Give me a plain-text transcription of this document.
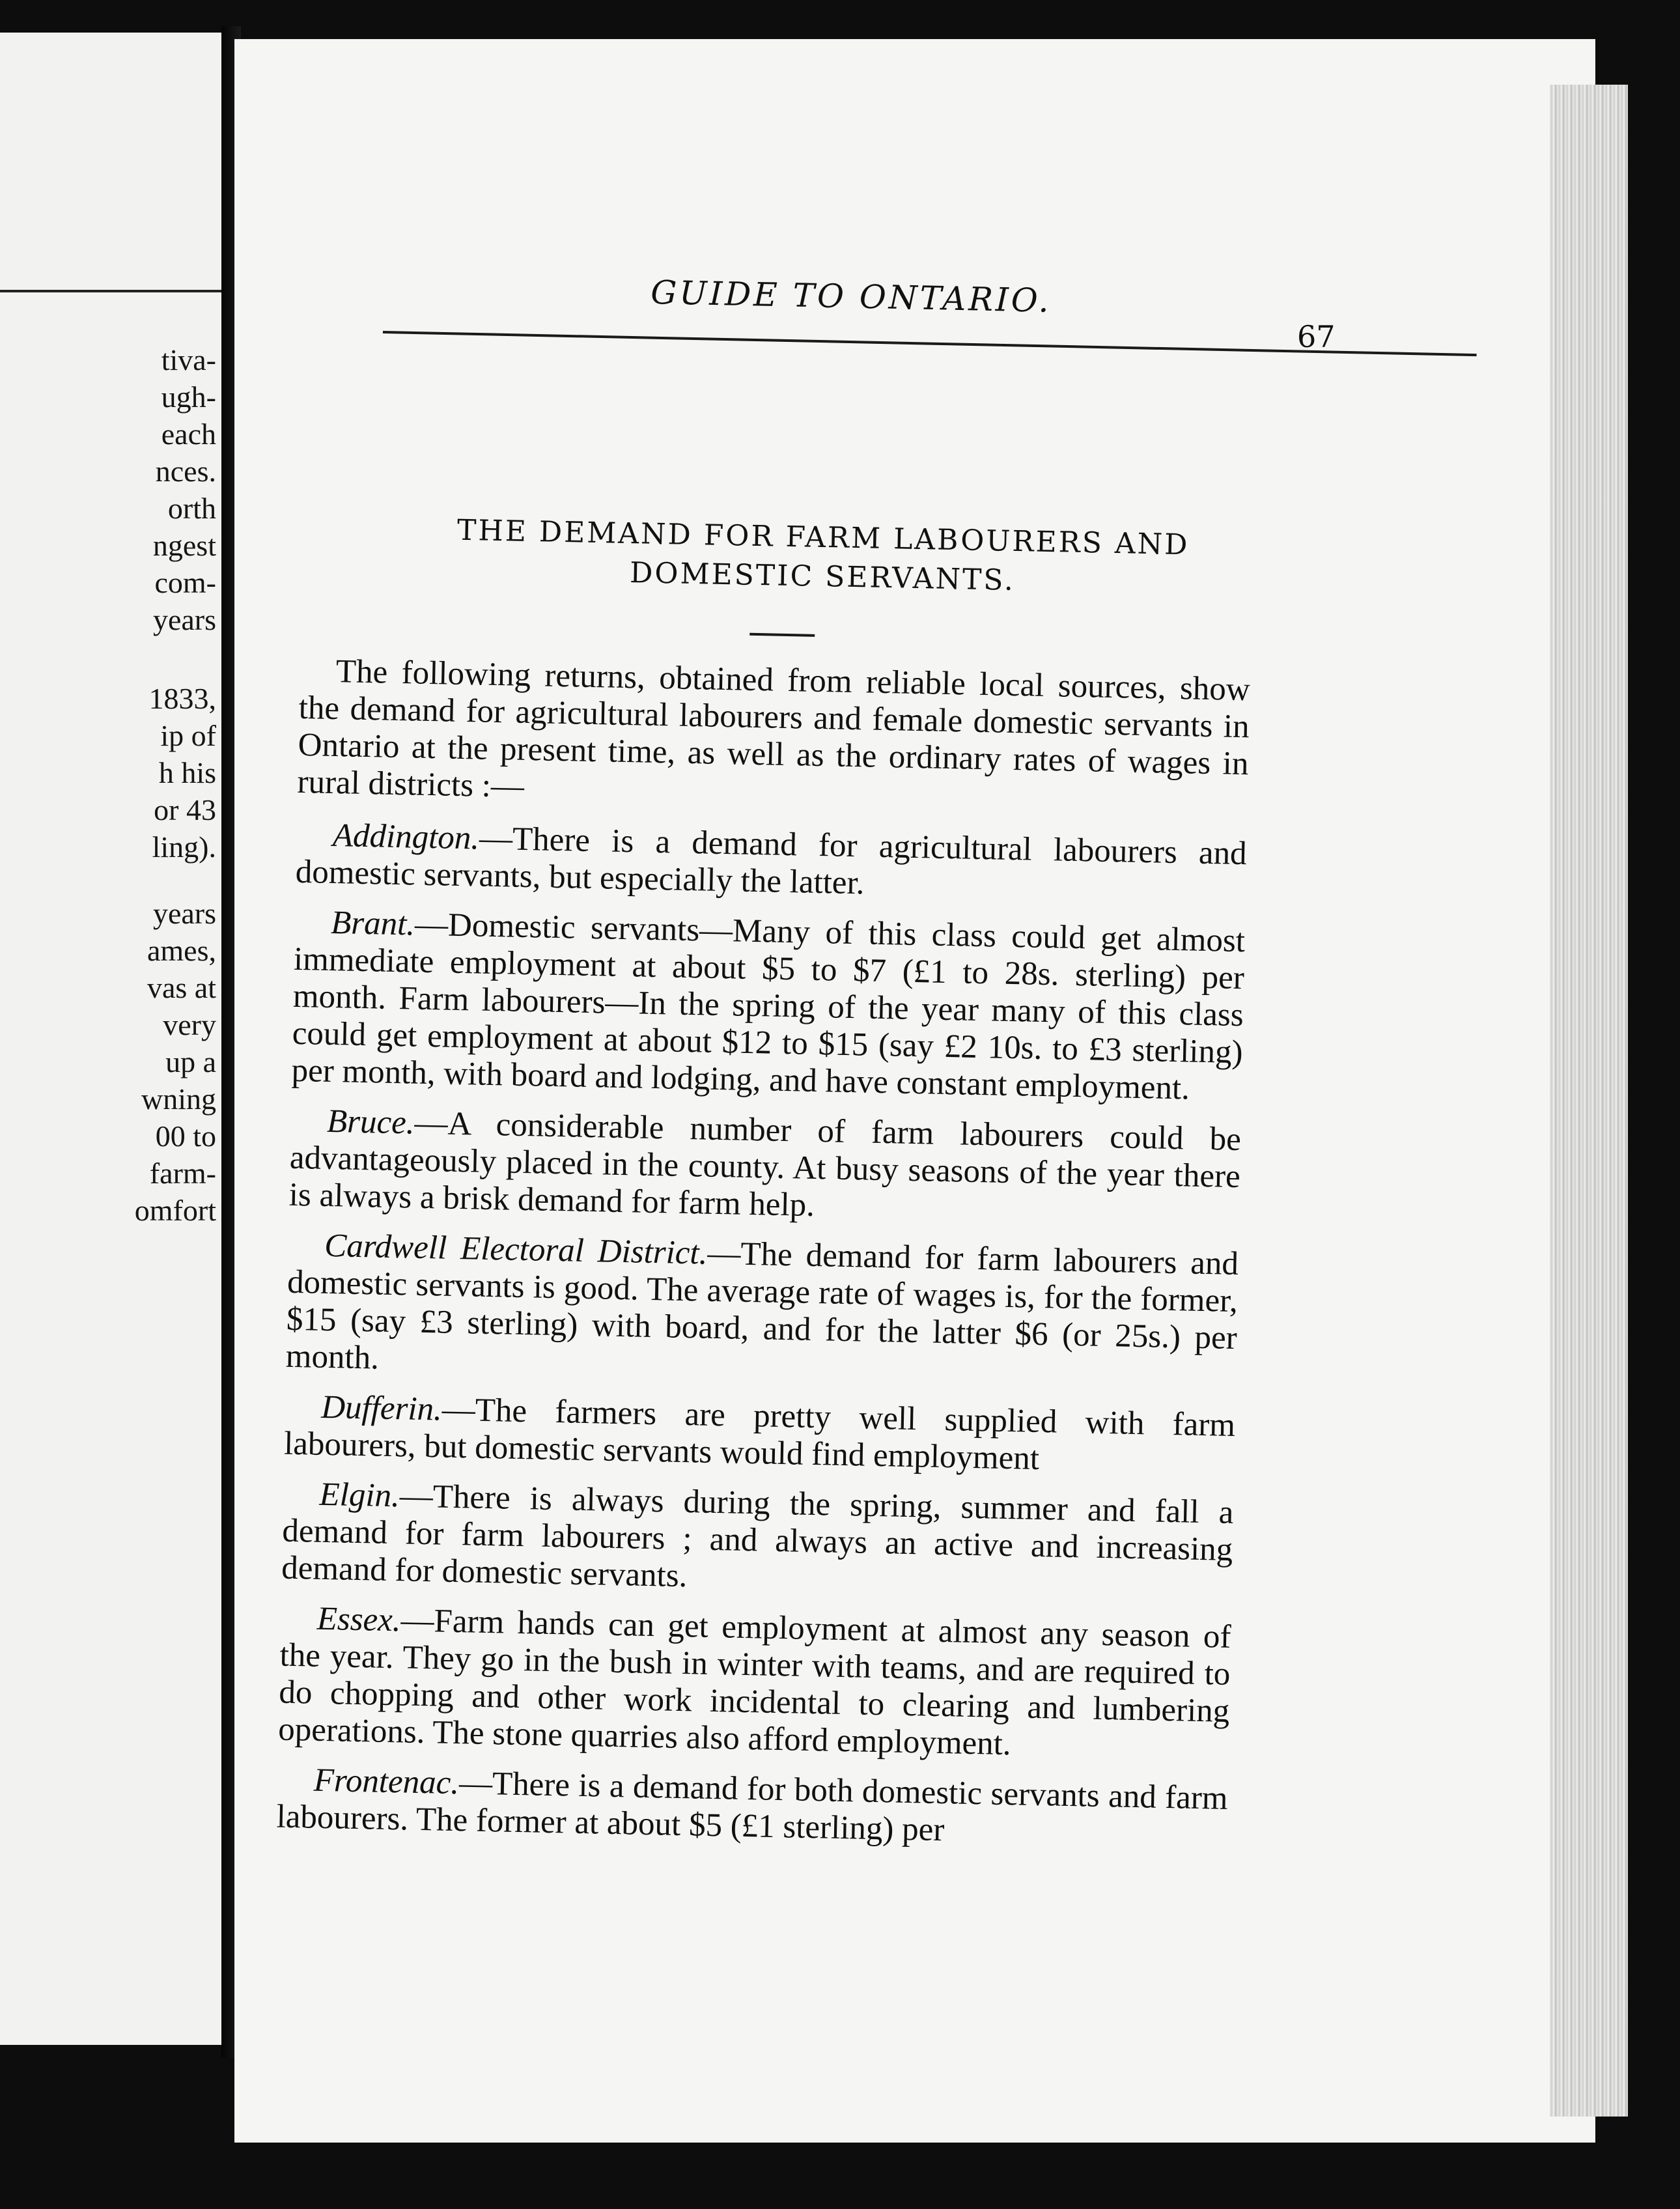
tiva-
ugh-
each
nces.
orth
ngest
com-
years
1833,
ip of
h his
or 43
ling).
years
ames,
vas at
very
up a
wning
00 to
farm-
omfort
GUIDE TO ONTARIO.
67
THE DEMAND FOR FARM LABOURERS AND
DOMESTIC SERVANTS.

The following returns, obtained from reliable local sources, show the demand for agricultural labourers and female domestic servants in Ontario at the present time, as well as the ordinary rates of wages in rural districts :—

Addington.—There is a demand for agricultural labourers and domestic servants, but especially the latter.

Brant.—Domestic servants—Many of this class could get almost immediate employment at about $5 to $7 (£1 to 28s. sterling) per month. Farm labourers—In the spring of the year many of this class could get employment at about $12 to $15 (say £2 10s. to £3 sterling) per month, with board and lodging, and have constant employment.

Bruce.—A considerable number of farm labourers could be advantageously placed in the county. At busy seasons of the year there is always a brisk demand for farm help.

Cardwell Electoral District.—The demand for farm labourers and domestic servants is good. The average rate of wages is, for the former, $15 (say £3 sterling) with board, and for the latter $6 (or 25s.) per month.

Dufferin.—The farmers are pretty well supplied with farm labourers, but domestic servants would find employment

Elgin.—There is always during the spring, summer and fall a demand for farm labourers ; and always an active and increasing demand for domestic servants.

Essex.—Farm hands can get employment at almost any season of the year. They go in the bush in winter with teams, and are required to do chopping and other work incidental to clearing and lumbering operations. The stone quarries also afford employment.

Frontenac.—There is a demand for both domestic servants and farm labourers. The former at about $5 (£1 sterling) per
